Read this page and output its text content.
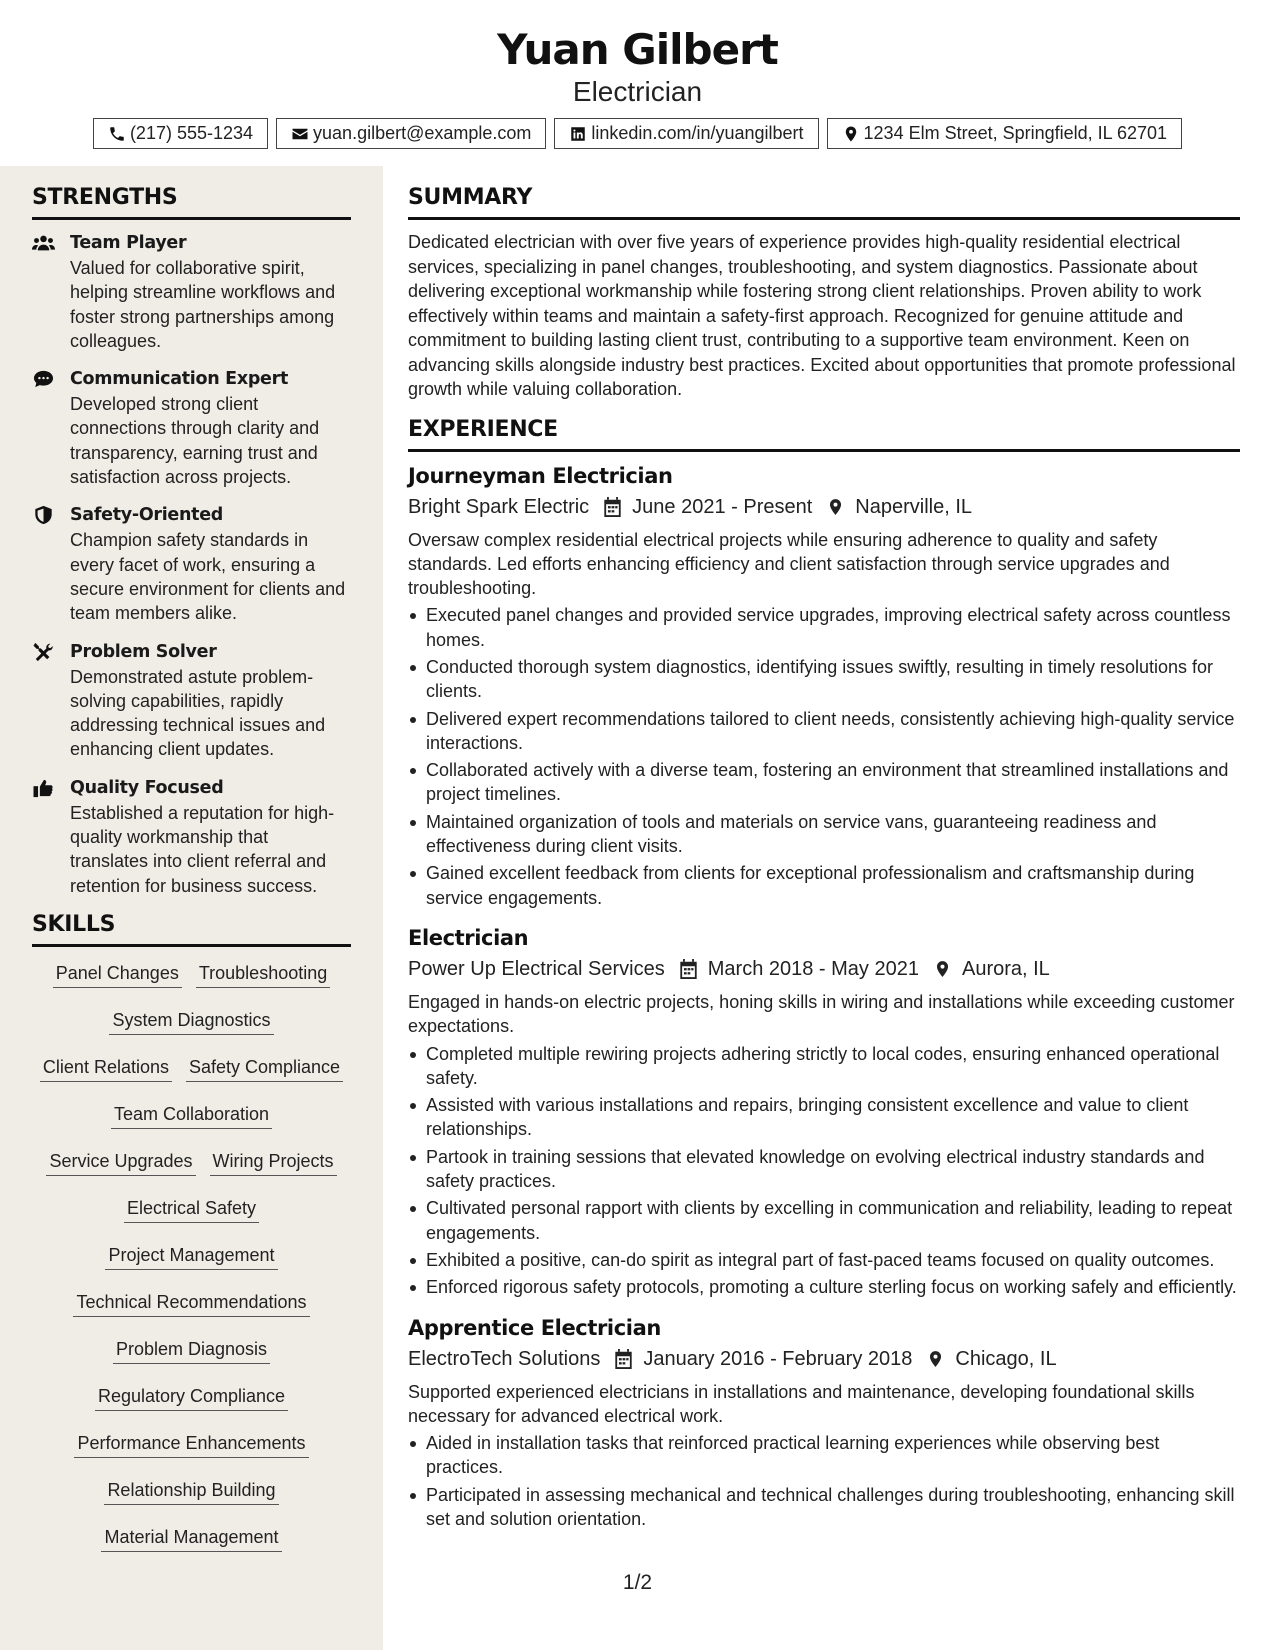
Yuan Gilbert
Electrician
(217) 555-1234	yuan.gilbert@example.com	linkedin.com/in/yuangilbert	1234 Elm Street, Springfield, IL 62701
STRENGTHS
Team Player
Valued for collaborative spirit, helping streamline workflows and foster strong partnerships among colleagues.
Communication Expert
Developed strong client connections through clarity and transparency, earning trust and satisfaction across projects.
Safety-Oriented
Champion safety standards in every facet of work, ensuring a secure environment for clients and team members alike.
Problem Solver
Demonstrated astute problem-solving capabilities, rapidly addressing technical issues and enhancing client updates.
Quality Focused
Established a reputation for high-quality workmanship that translates into client referral and retention for business success.
SKILLS
Panel Changes Troubleshooting
System Diagnostics
Client Relations Safety Compliance
Team Collaboration
Service Upgrades Wiring Projects
Electrical Safety
Project Management
Technical Recommendations
Problem Diagnosis
Regulatory Compliance
Performance Enhancements
Relationship Building
Material Management
SUMMARY
Dedicated electrician with over five years of experience provides high-quality residential electrical services, specializing in panel changes, troubleshooting, and system diagnostics. Passionate about delivering exceptional workmanship while fostering strong client relationships. Proven ability to work effectively within teams and maintain a safety-first approach. Recognized for genuine attitude and commitment to building lasting client trust, contributing to a supportive team environment. Keen on advancing skills alongside industry best practices. Excited about opportunities that promote professional growth while valuing collaboration.
EXPERIENCE
Journeyman Electrician
Bright Spark Electric June 2021 - Present Naperville, IL
Oversaw complex residential electrical projects while ensuring adherence to quality and safety standards. Led efforts enhancing efficiency and client satisfaction through service upgrades and troubleshooting.
Executed panel changes and provided service upgrades, improving electrical safety across countless homes.
Conducted thorough system diagnostics, identifying issues swiftly, resulting in timely resolutions for clients.
Delivered expert recommendations tailored to client needs, consistently achieving high-quality service interactions.
Collaborated actively with a diverse team, fostering an environment that streamlined installations and project timelines.
Maintained organization of tools and materials on service vans, guaranteeing readiness and effectiveness during client visits.
Gained excellent feedback from clients for exceptional professionalism and craftsmanship during service engagements.
Electrician
Power Up Electrical Services March 2018 - May 2021 Aurora, IL
Engaged in hands-on electric projects, honing skills in wiring and installations while exceeding customer expectations.
Completed multiple rewiring projects adhering strictly to local codes, ensuring enhanced operational safety.
Assisted with various installations and repairs, bringing consistent excellence and value to client relationships.
Partook in training sessions that elevated knowledge on evolving electrical industry standards and safety practices.
Cultivated personal rapport with clients by excelling in communication and reliability, leading to repeat engagements.
Exhibited a positive, can-do spirit as integral part of fast-paced teams focused on quality outcomes.
Enforced rigorous safety protocols, promoting a culture sterling focus on working safely and efficiently.
Apprentice Electrician
ElectroTech Solutions January 2016 - February 2018 Chicago, IL
Supported experienced electricians in installations and maintenance, developing foundational skills necessary for advanced electrical work.
Aided in installation tasks that reinforced practical learning experiences while observing best practices.
Participated in assessing mechanical and technical challenges during troubleshooting, enhancing skill set and solution orientation.
1/2
